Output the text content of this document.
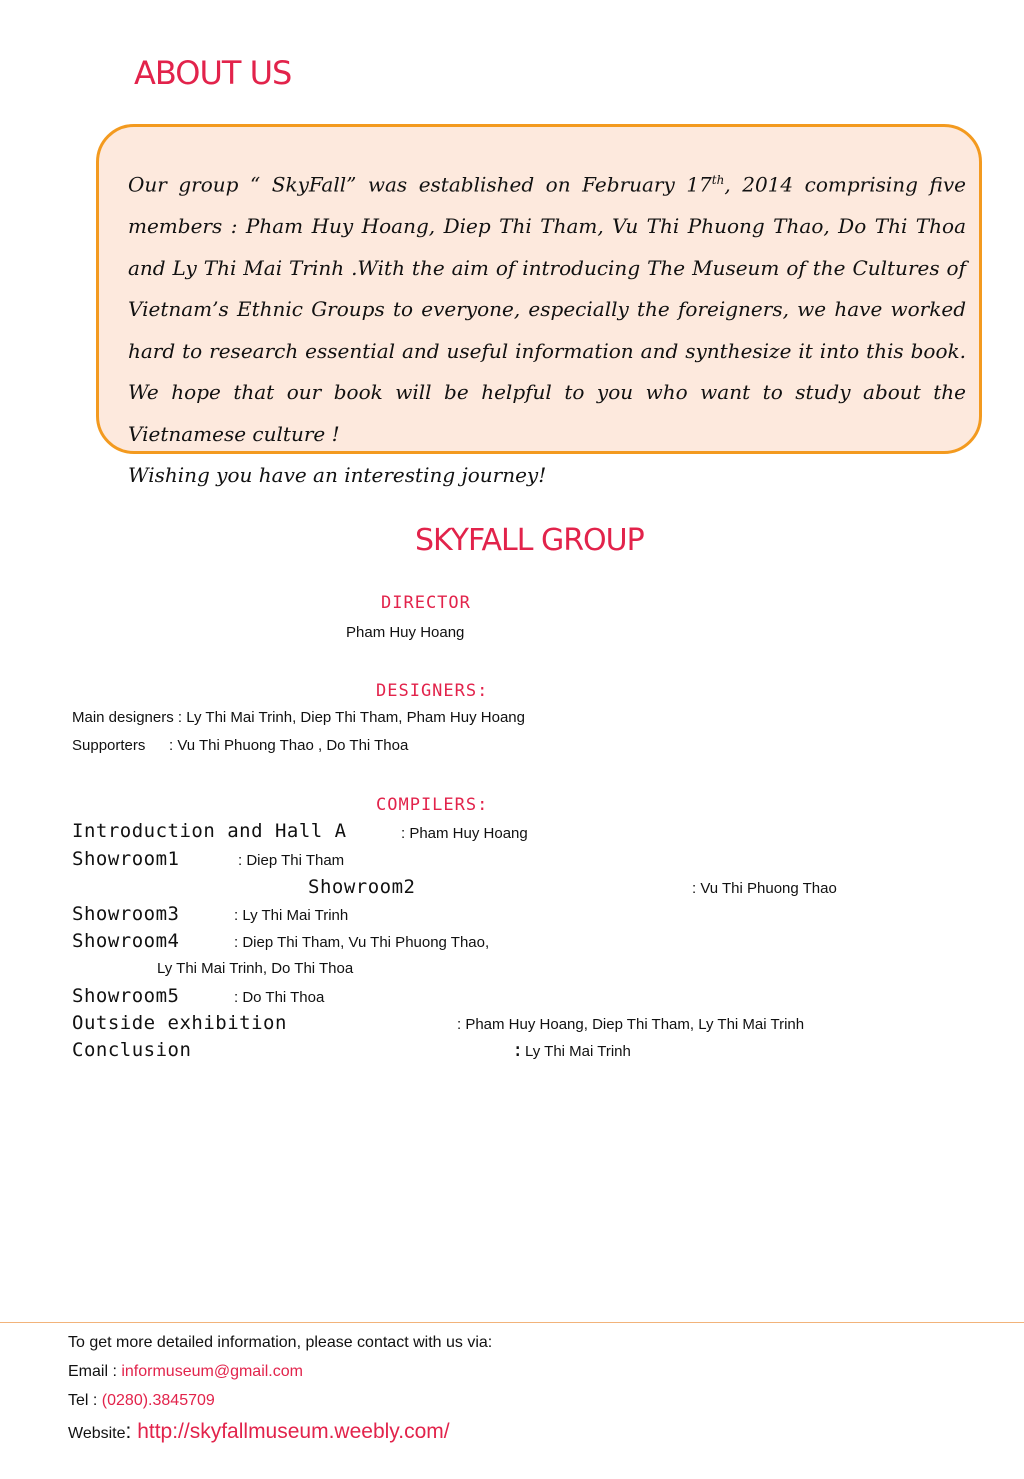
ABOUT US

Our group “ SkyFall” was established on February 17th, 2014 comprising five members : Pham Huy Hoang, Diep Thi Tham, Vu Thi Phuong Thao, Do Thi Thoa and Ly Thi Mai Trinh .With the aim of introducing The Museum of the Cultures of Vietnam’s Ethnic Groups to everyone, especially the foreigners, we have worked hard to research essential and useful information and synthesize it into this book. We hope that our book will be helpful to you who want to study about the Vietnamese culture !

Wishing you have an interesting journey!

SKYFALL GROUP
DIRECTOR
Pham Huy Hoang
DESIGNERS:
Main designers : Ly Thi Mai Trinh, Diep Thi Tham, Pham Huy Hoang
Supporters : Vu Thi Phuong Thao , Do Thi Thoa
COMPILERS:
Introduction and Hall A	: Pham Huy Hoang
Showroom1	: Diep Thi Tham
Showroom2	: Vu Thi Phuong Thao
Showroom3	: Ly Thi Mai Trinh
Showroom4	: Diep Thi Tham, Vu Thi Phuong Thao,
Ly Thi Mai Trinh, Do Thi Thoa
Showroom5	: Do Thi Thoa
Outside exhibition	: Pham Huy Hoang, Diep Thi Tham, Ly Thi Mai Trinh
Conclusion	: Ly Thi Mai Trinh
To get more detailed information, please contact with us via:
Email : informuseum@gmail.com
Tel : (0280).3845709
Website: http://skyfallmuseum.weebly.com/
